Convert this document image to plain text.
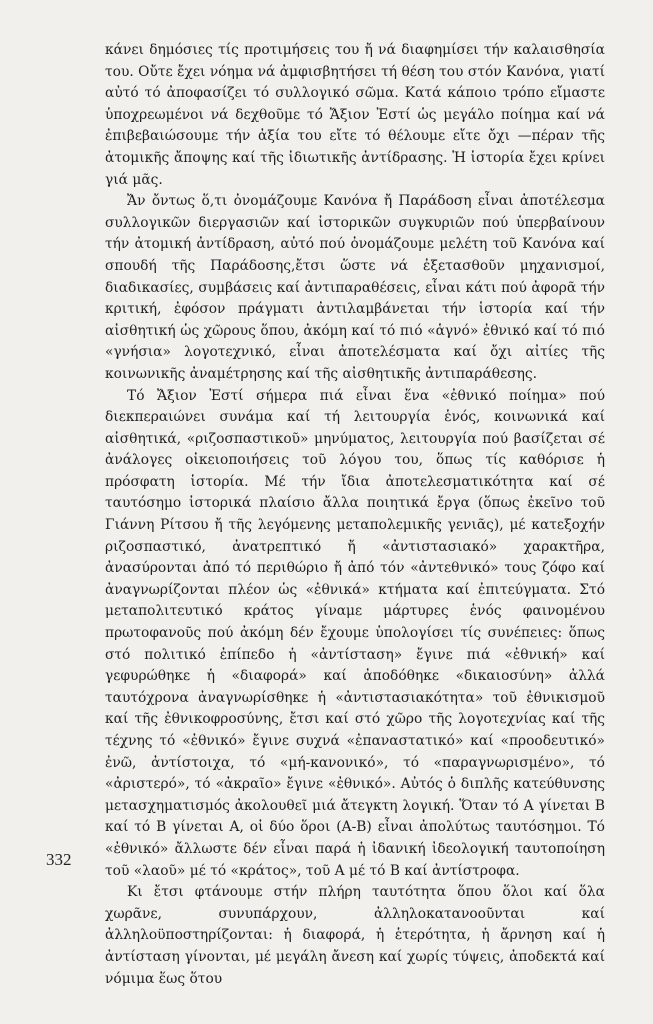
κάνει δημόσιες τίς προτιμήσεις του ἤ νά διαφημίσει τήν καλαισθησία του. Οὔτε ἔχει νόημα νά ἀμφισβητήσει τή θέση του στόν Κανόνα, γιατί αὐτό τό ἀποφασίζει τό συλλογικό σῶμα. Κατά κάποιο τρόπο εἴμαστε ὑποχρεωμένοι νά δεχθοῦμε τό Ἄξιον Ἐστί ὡς μεγάλο ποίημα καί νά ἐπιβεβαιώσουμε τήν ἀξία του εἴτε τό θέλουμε εἴτε ὄχι —πέραν τῆς ἀτομικῆς ἄποψης καί τῆς ἰδιωτικῆς ἀντίδρασης. Ἡ ἱστορία ἔχει κρίνει γιά μᾶς.

Ἄν ὄντως ὅ,τι ὀνομάζουμε Κανόνα ἤ Παράδοση εἶναι ἀποτέλεσμα συλλογικῶν διεργασιῶν καί ἱστορικῶν συγκυριῶν πού ὑπερβαίνουν τήν ἀτομική ἀντίδραση, αὐτό πού ὀνομάζουμε μελέτη τοῦ Κανόνα καί σπουδή τῆς Παράδοσης,ἔτσι ὥστε νά ἐξετασθοῦν μηχανισμοί, διαδικασίες, συμβάσεις καί ἀντιπαραθέσεις, εἶναι κάτι πού ἀφορᾶ τήν κριτική, ἐφόσον πράγματι ἀντιλαμβάνεται τήν ἱστορία καί τήν αἰσθητική ὡς χῶρους ὅπου, ἀκόμη καί τό πιό «ἁγνό» ἐθνικό καί τό πιό «γνήσια» λογοτεχνικό, εἶναι ἀποτελέσματα καί ὄχι αἰτίες τῆς κοινωνικῆς ἀναμέτρησης καί τῆς αἰσθητικῆς ἀντιπαράθεσης.

Τό Ἄξιον Ἐστί σήμερα πιά εἶναι ἕνα «ἐθνικό ποίημα» πού διεκπεραιώνει συνάμα καί τή λειτουργία ἑνός, κοινωνικά καί αἰσθητικά, «ριζοσπαστικοῦ» μηνύματος, λειτουργία πού βασίζεται σέ ἀνάλογες οἰκειοποιήσεις τοῦ λόγου του, ὅπως τίς καθόρισε ἡ πρόσφατη ἱστορία. Μέ τήν ἴδια ἀποτελεσματικότητα καί σέ ταυτόσημο ἱστορικά πλαίσιο ἄλλα ποιητικά ἔργα (ὅπως ἐκεῖνο τοῦ Γιάννη Ρίτσου ἤ τῆς λεγόμενης μεταπολεμικῆς γενιᾶς), μέ κατεξοχήν ριζοσπαστικό, ἀνατρεπτικό ἤ «ἀντιστασιακό» χαρακτῆρα, ἀνασύρονται ἀπό τό περιθώριο ἤ ἀπό τόν «ἀντεθνικό» τους ζόφο καί ἀναγνωρίζονται πλέον ὡς «ἐθνικά» κτήματα καί ἐπιτεύγματα. Στό μεταπολιτευτικό κράτος γίναμε μάρτυρες ἑνός φαινομένου πρωτοφανοῦς πού ἀκόμη δέν ἔχουμε ὑπολογίσει τίς συνέπειες: ὅπως στό πολιτικό ἐπίπεδο ἡ «ἀντίσταση» ἔγινε πιά «ἐθνική» καί γεφυρώθηκε ἡ «διαφορά» καί ἀποδόθηκε «δικαιοσύνη» ἀλλά ταυτόχρονα ἀναγνωρίσθηκε ἡ «ἀντιστασιακότητα» τοῦ ἐθνικισμοῦ καί τῆς ἐθνικοφροσύνης, ἔτσι καί στό χῶρο τῆς λογοτεχνίας καί τῆς τέχνης τό «ἐθνικό» ἔγινε συχνά «ἐπαναστατικό» καί «προοδευτικό» ἐνῶ, ἀντίστοιχα, τό «μή-κανονικό», τό «παραγνωρισμένο», τό «ἀριστερό», τό «ἀκραῖο» ἔγινε «ἐθνικό». Αὐτός ὁ διπλῆς κατεύθυνσης μετασχηματισμός ἀκολουθεῖ μιά ἄτεγκτη λογική. Ὅταν τό Α γίνεται Β καί τό Β γίνεται Α, οἱ δύο ὅροι (Α-Β) εἶναι ἀπολύτως ταυτόσημοι. Τό «ἐθνικό» ἄλλωστε δέν εἶναι παρά ἡ ἰδανική ἰδεολογική ταυτοποίηση τοῦ «λαοῦ» μέ τό «κράτος», τοῦ Α μέ τό Β καί ἀντίστροφα.

Κι ἔτσι φτάνουμε στήν πλήρη ταυτότητα ὅπου ὅλοι καί ὅλα χωρᾶνε, συνυπάρχουν, ἀλληλοκατανοοῦνται καί ἀλληλοϋποστηρίζονται: ἡ διαφορά, ἡ ἑτερότητα, ἡ ἄρνηση καί ἡ ἀντίσταση γίνονται, μέ μεγάλη ἄνεση καί χωρίς τύψεις, ἀποδεκτά καί νόμιμα ἕως ὅτου

332
